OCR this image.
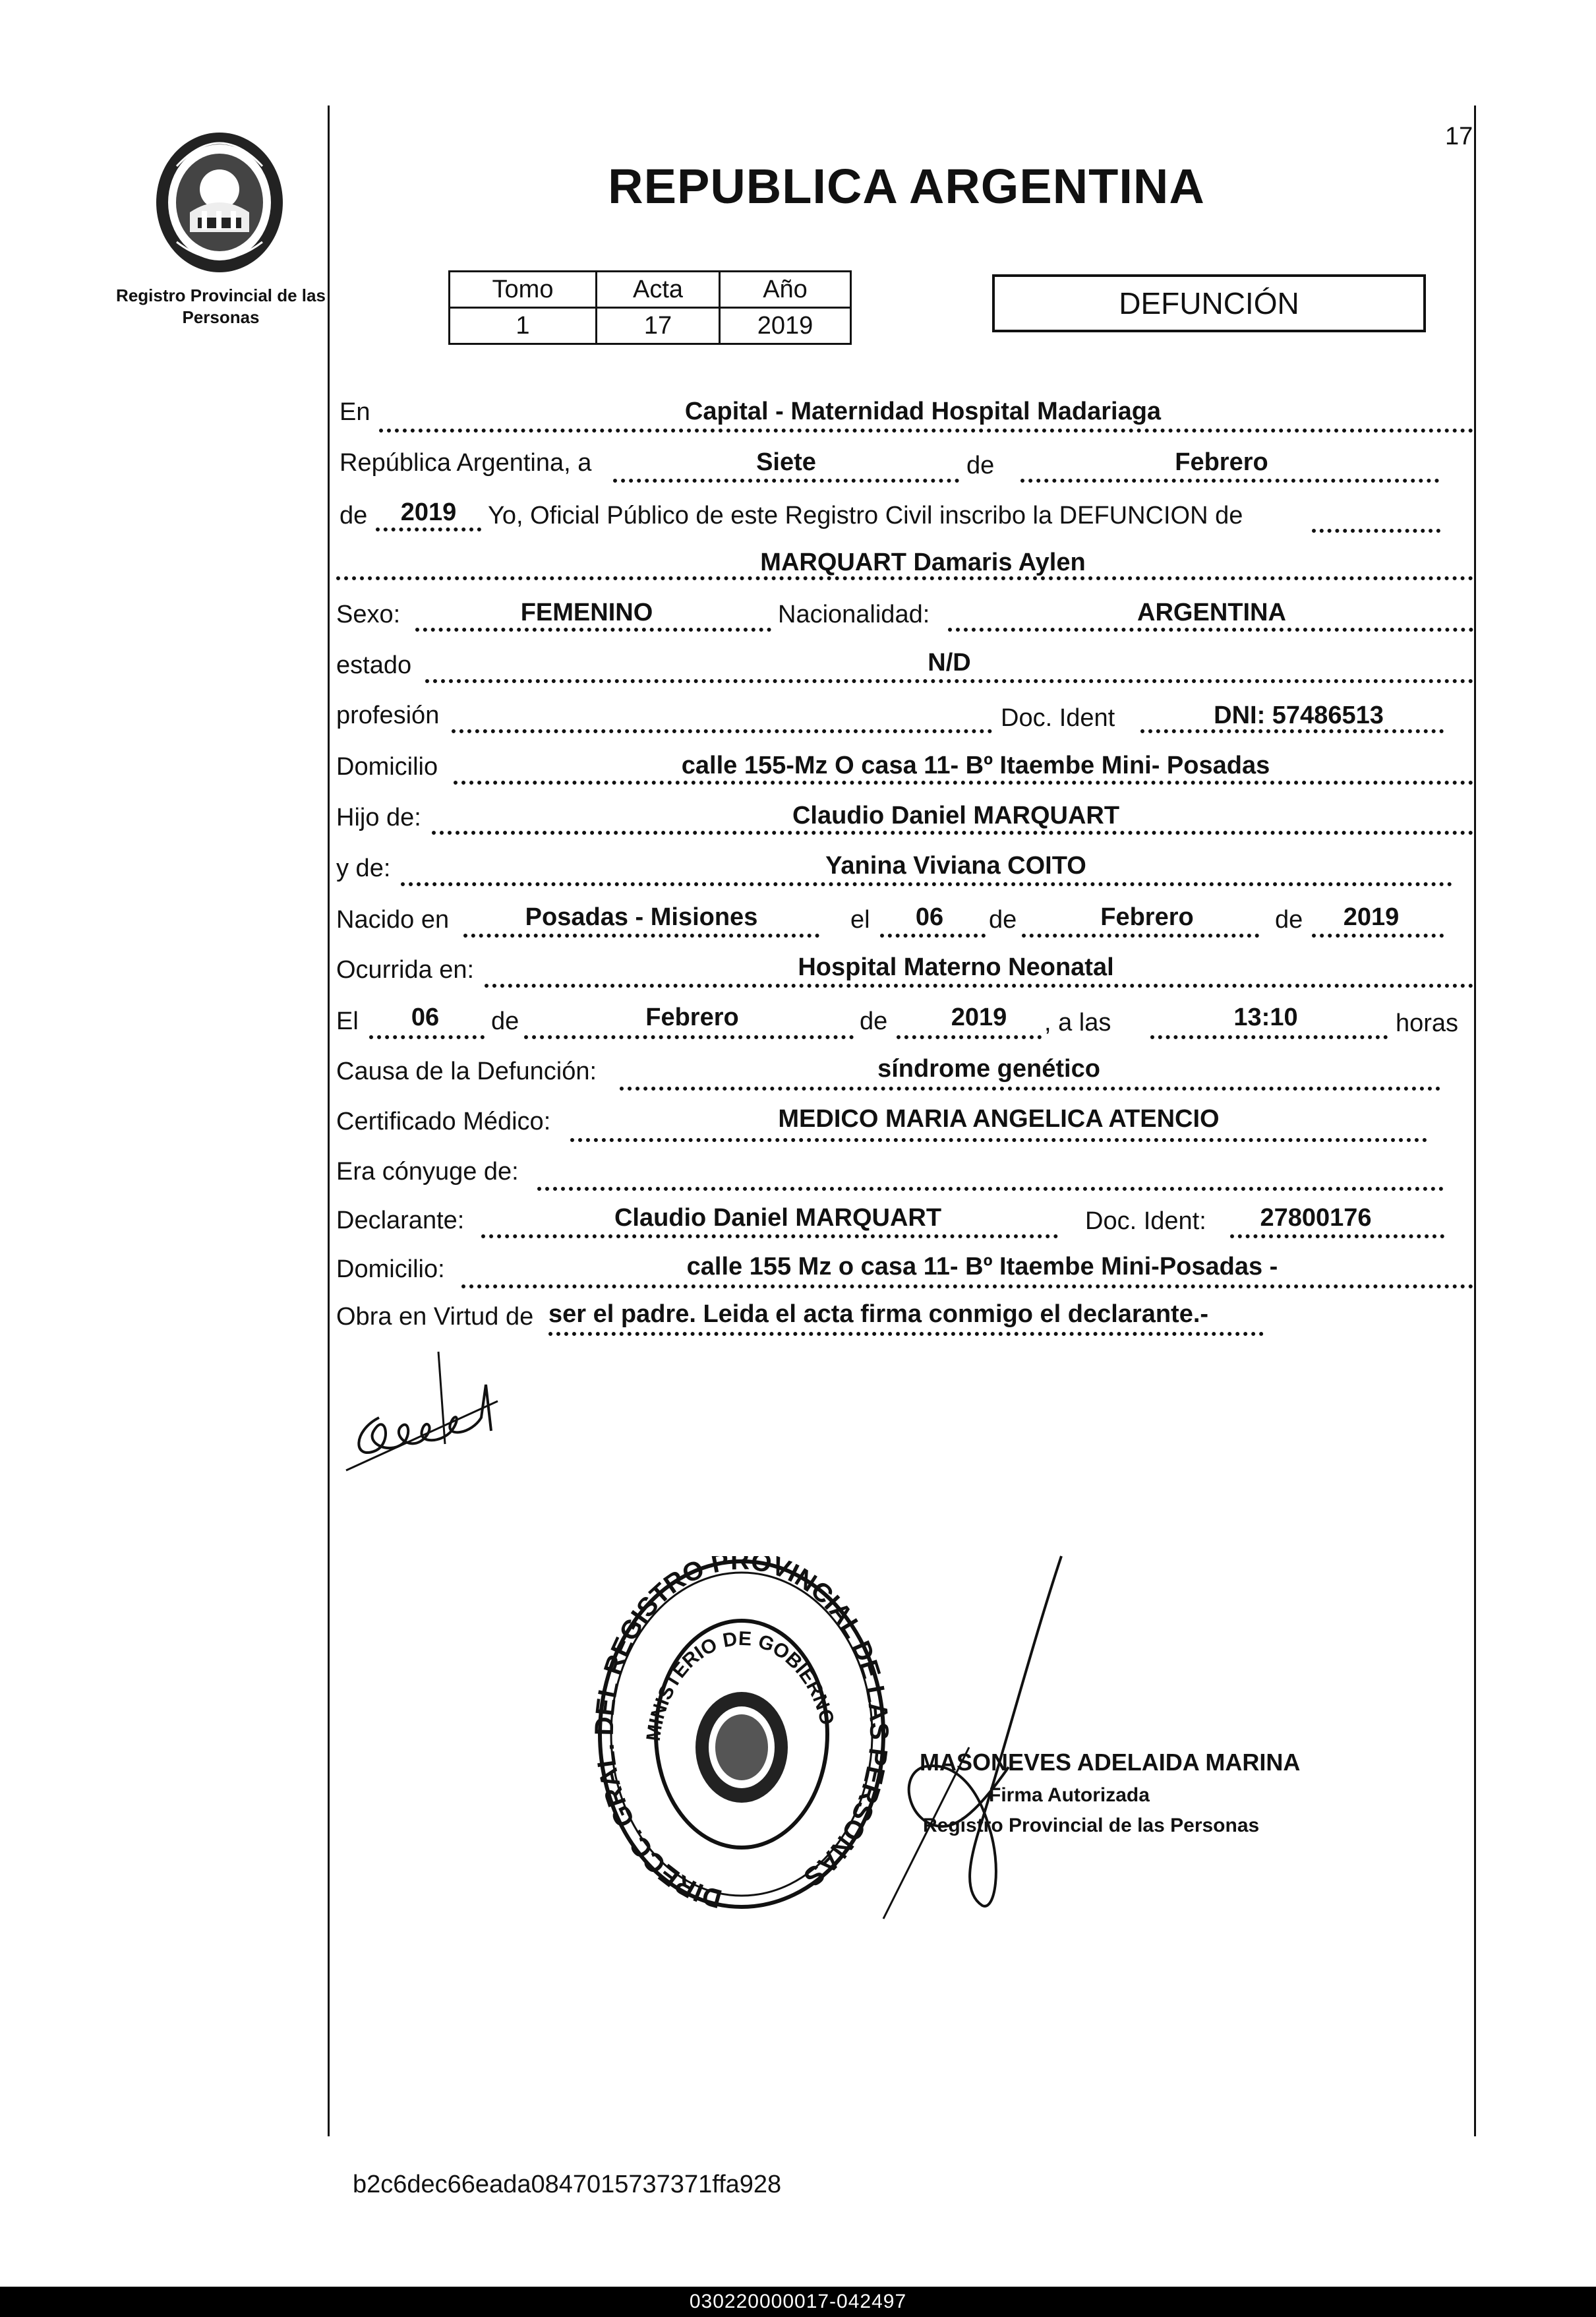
17
Registro Provincial de las Personas
REPUBLICA ARGENTINA
Tomo	Acta	Año
1	17	2019
DEFUNCIÓN
En	Capital - Maternidad Hospital Madariaga
República Argentina, a	Siete	de	Febrero
de	2019	Yo, Oficial Público de este Registro Civil inscribo la DEFUNCION de
MARQUART Damaris Aylen
Sexo:	FEMENINO	Nacionalidad:	ARGENTINA
estado	N/D
profesión	Doc. Ident	DNI: 57486513
Domicilio	calle 155-Mz O casa 11- Bº Itaembe Mini- Posadas
Hijo de:	Claudio Daniel MARQUART
y de:	Yanina Viviana COITO
Nacido en	Posadas - Misiones	el	06	de	Febrero	de	2019
Ocurrida en:	Hospital Materno Neonatal
El	06	de	Febrero	de	2019	, a las	13:10	horas
Causa de la Defunción:	síndrome genético
Certificado Médico:	MEDICO MARIA ANGELICA ATENCIO
Era cónyuge de:
Declarante:	Claudio Daniel MARQUART	Doc. Ident:	27800176
Domicilio:	calle 155 Mz o casa 11- Bº Itaembe Mini-Posadas -
Obra en Virtud de ser el padre. Leida el acta firma conmigo el declarante.-
DIRECC. GRAL. EL REGISTRO PROVINCIAL DE L PERSONAS
MINISTERIO DE GOBIERNO
MASONEVES ADELAIDA MARINA
Firma Autorizada
Registro Provincial de las Personas
b2c6dec66eada0847015737371ffa928
030220000017-042497
